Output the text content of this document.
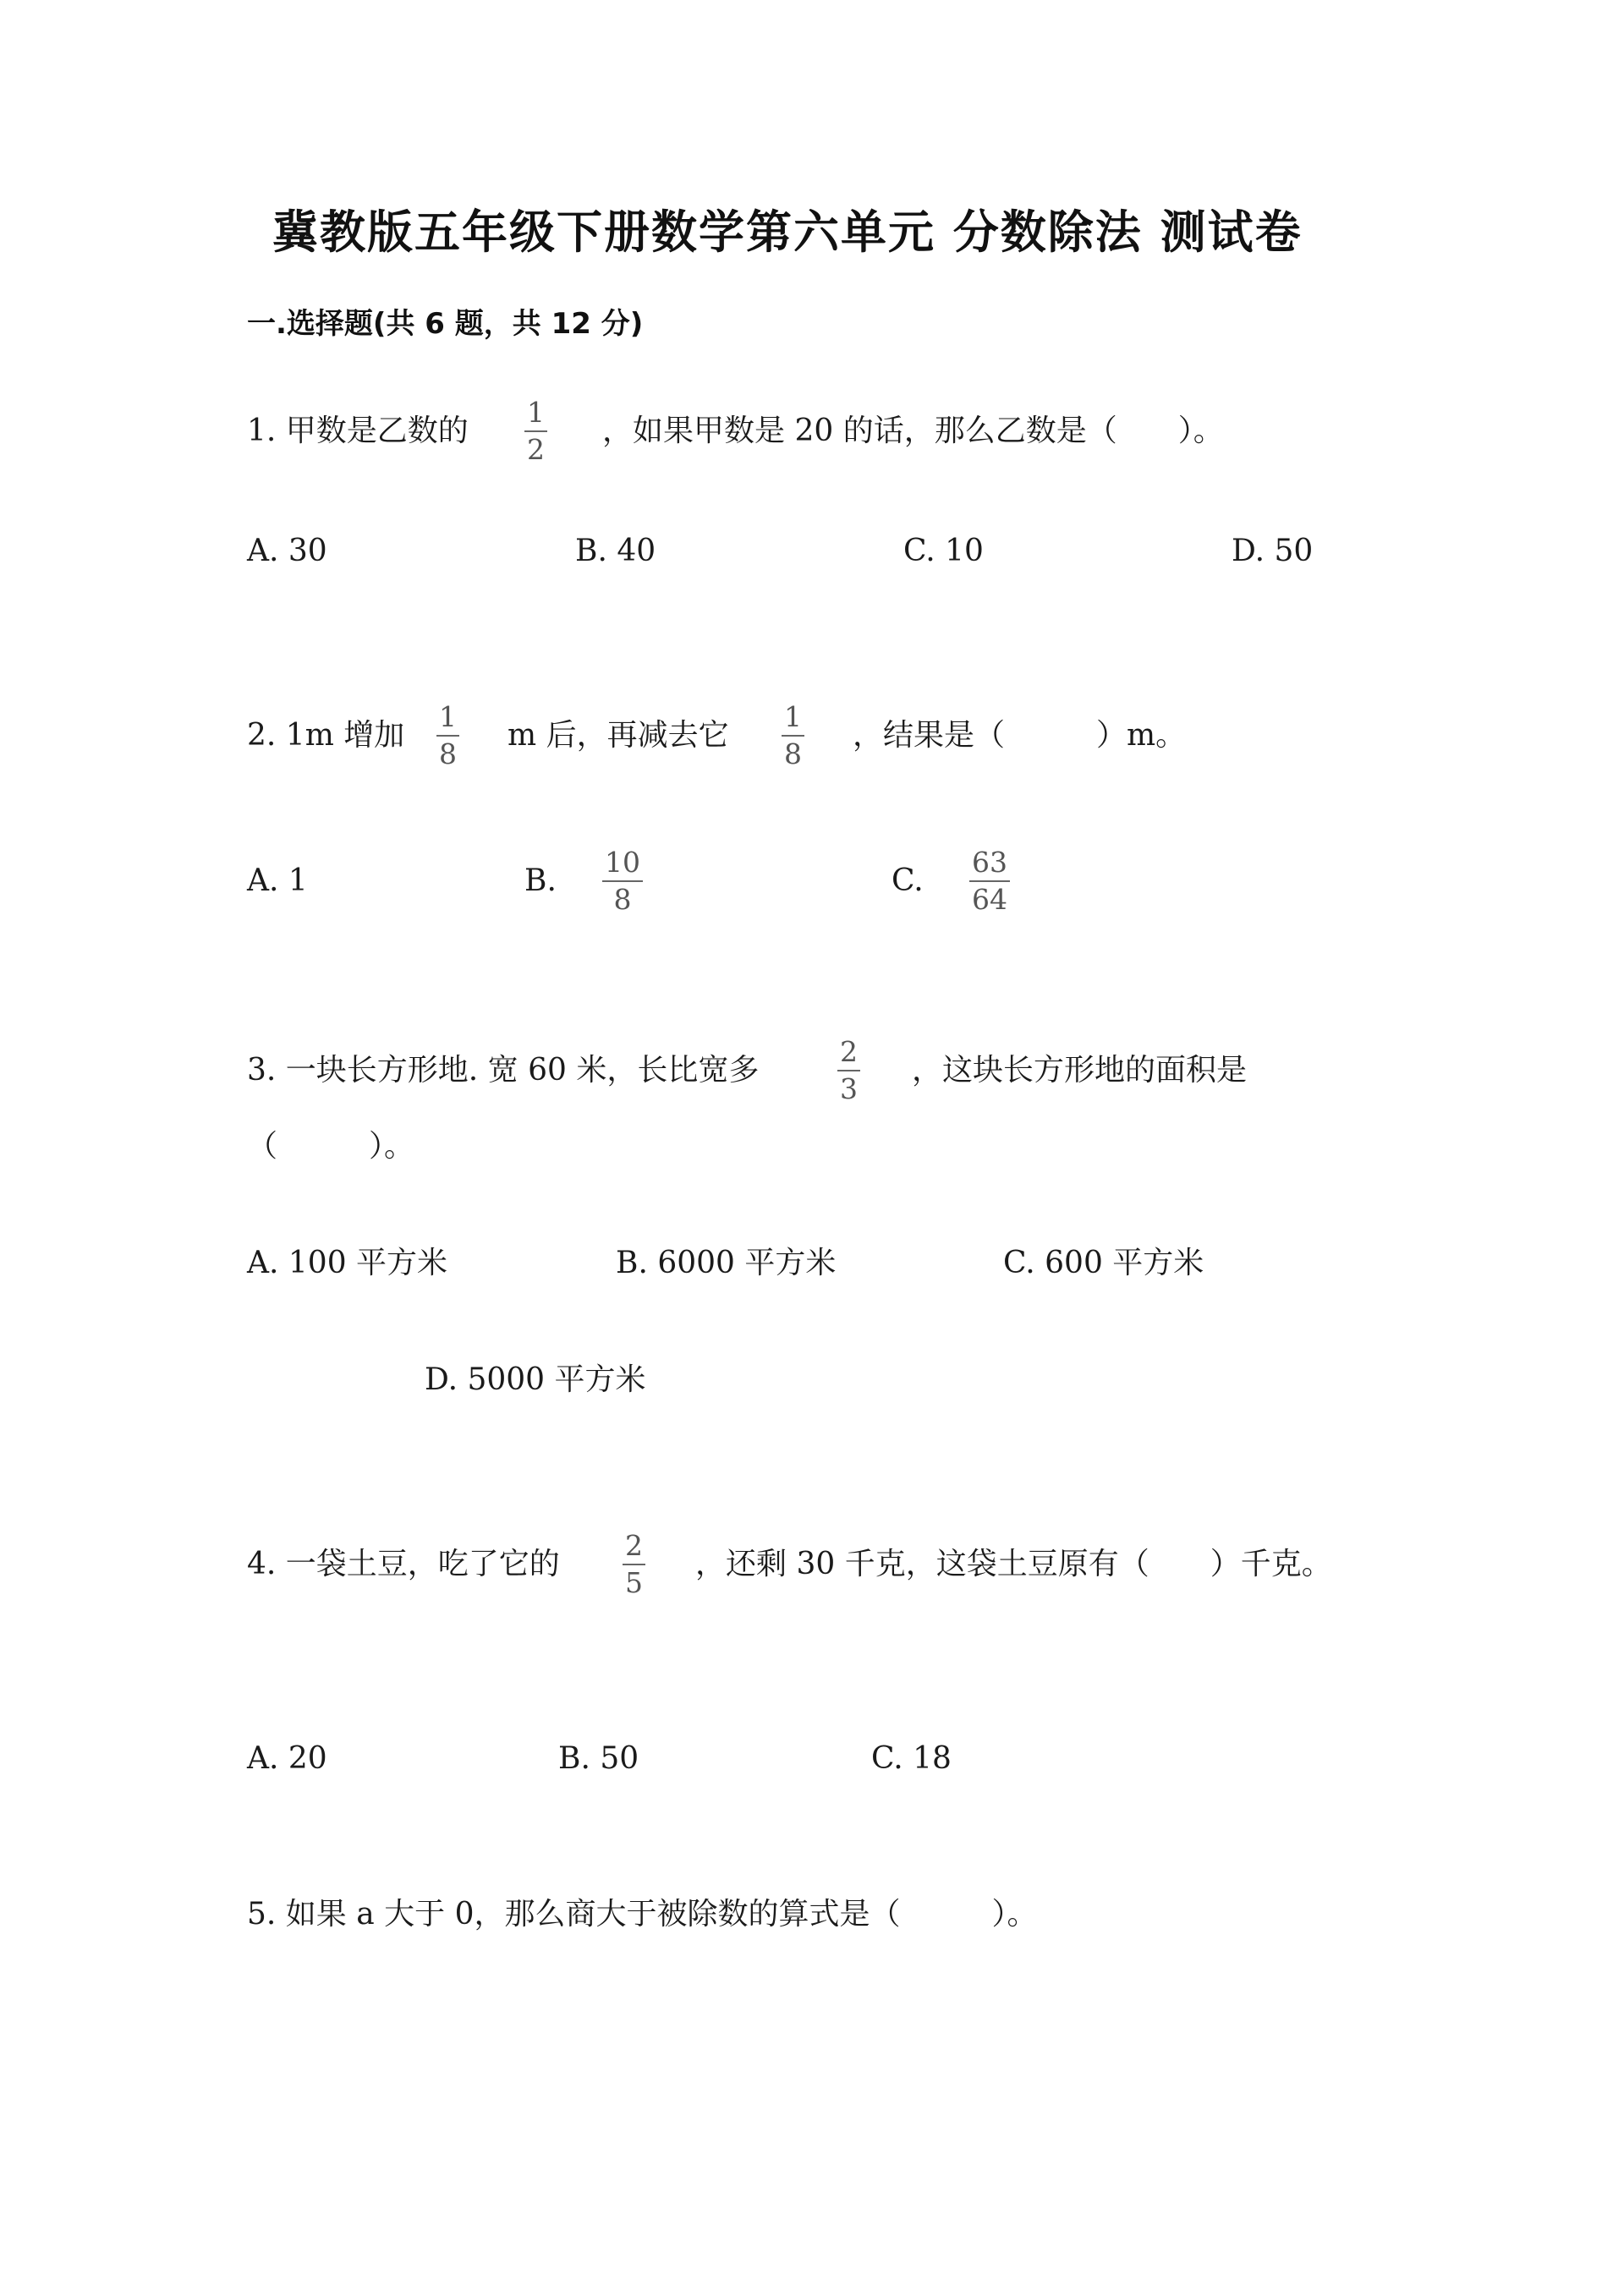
冀教版五年级下册数学第六单元 分数除法 测试卷
一.选择题(共 6 题，共 12 分)
1. 甲数是乙数的
1
2
，如果甲数是 20 的话，那么乙数是（　　）。
A. 30	B. 40	C. 10	D. 50
2. 1m 增加
1
8
m 后，再减去它
1
8
，结果是（　　　）m。
A. 1	B.
10
8
C.
63
64
3. 一块长方形地. 宽 60 米，长比宽多
2
3
，这块长方形地的面积是
（　　　）。
A. 100 平方米	B. 6000 平方米	C. 600 平方米
D. 5000 平方米
4. 一袋土豆，吃了它的
2
5
，还剩 30 千克，这袋土豆原有（　　）千克。
A. 20	B. 50	C. 18
5. 如果 a 大于 0，那么商大于被除数的算式是（　　　）。
